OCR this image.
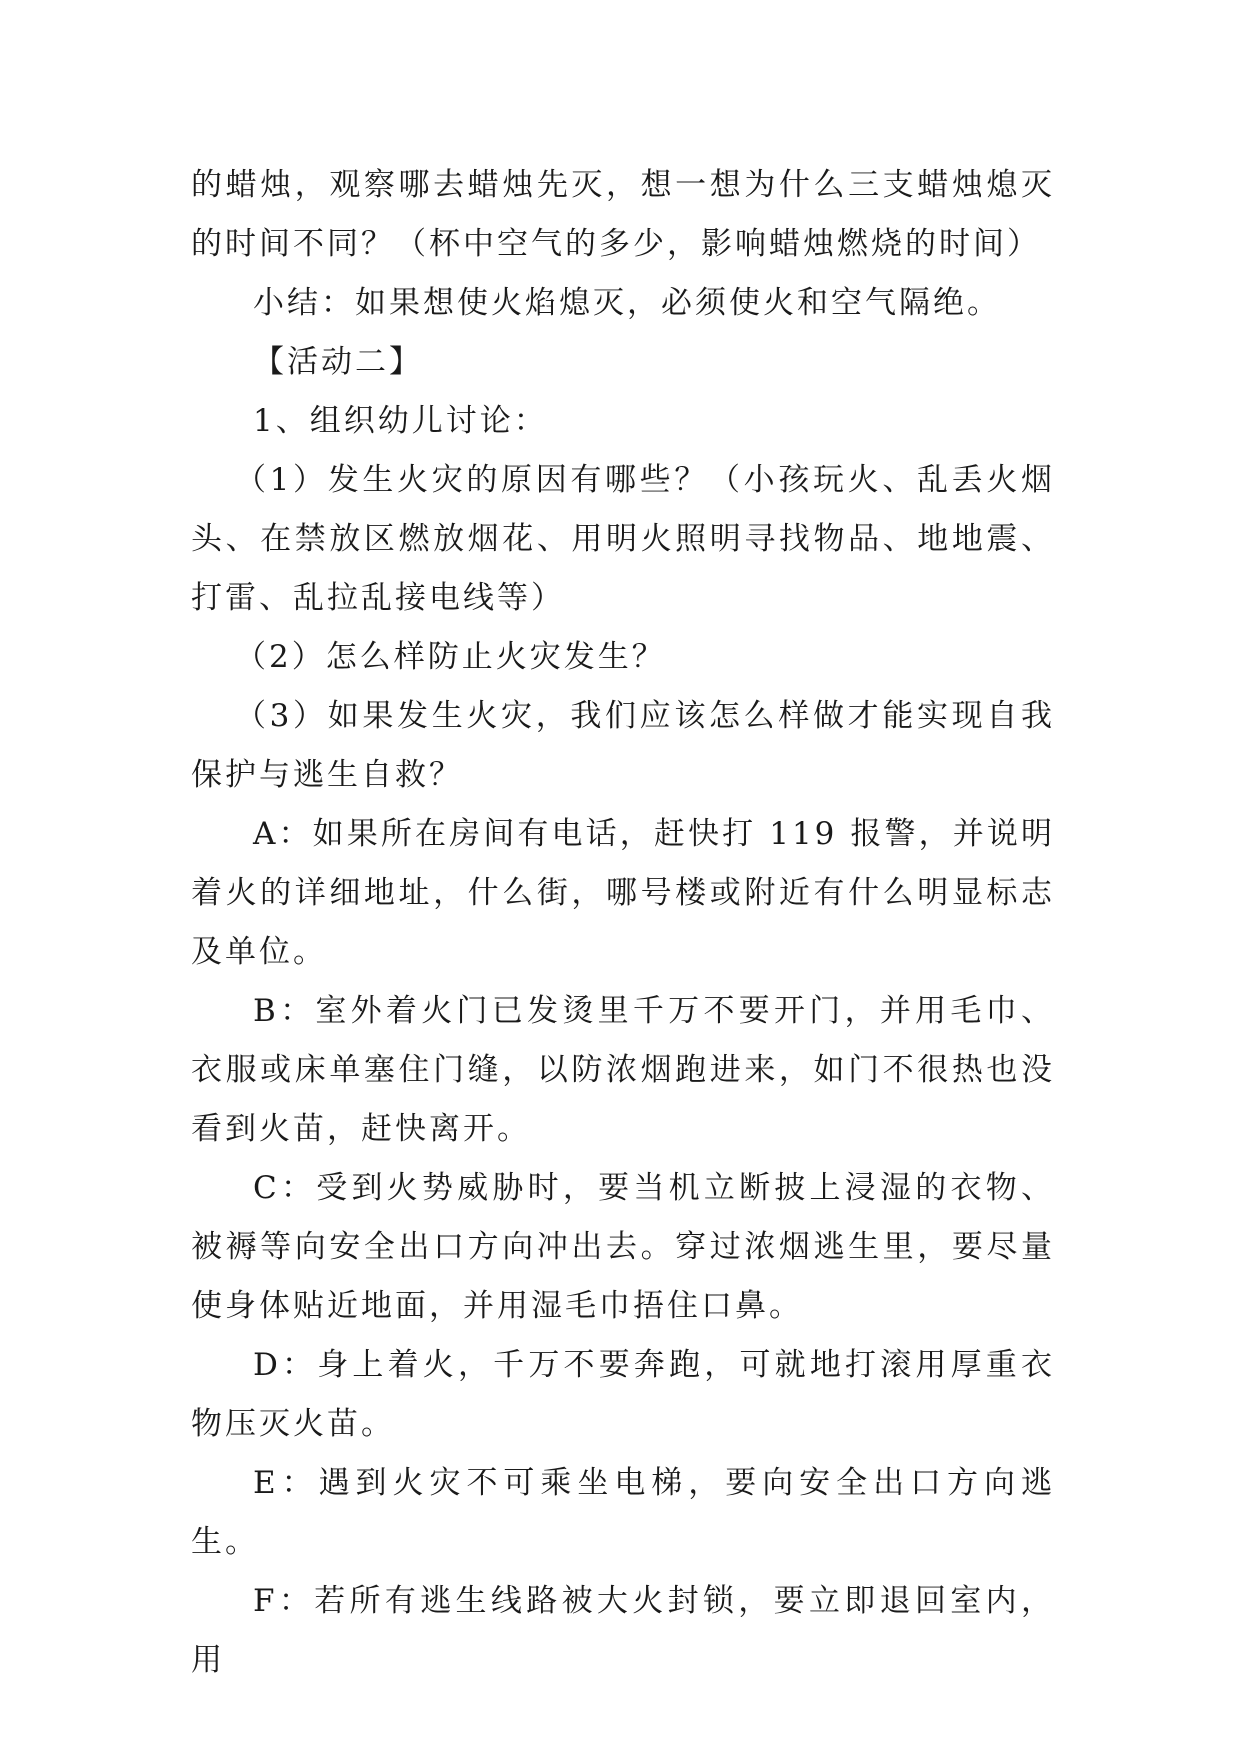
的蜡烛，观察哪去蜡烛先灭，想一想为什么三支蜡烛熄灭的时间不同？（杯中空气的多少，影响蜡烛燃烧的时间）

小结：如果想使火焰熄灭，必须使火和空气隔绝。

【活动二】

1、组织幼儿讨论：

（1）发生火灾的原因有哪些？（小孩玩火、乱丢火烟头、在禁放区燃放烟花、用明火照明寻找物品、地地震、打雷、乱拉乱接电线等）

（2）怎么样防止火灾发生？

（3）如果发生火灾，我们应该怎么样做才能实现自我保护与逃生自救？

A：如果所在房间有电话，赶快打 119 报警，并说明着火的详细地址，什么街，哪号楼或附近有什么明显标志及单位。

B：室外着火门已发烫里千万不要开门，并用毛巾、衣服或床单塞住门缝，以防浓烟跑进来，如门不很热也没看到火苗，赶快离开。

C：受到火势威胁时，要当机立断披上浸湿的衣物、被褥等向安全出口方向冲出去。穿过浓烟逃生里，要尽量使身体贴近地面，并用湿毛巾捂住口鼻。

D：身上着火，千万不要奔跑，可就地打滚用厚重衣物压灭火苗。

E：遇到火灾不可乘坐电梯，要向安全出口方向逃生。

F：若所有逃生线路被大火封锁，要立即退回室内，用
